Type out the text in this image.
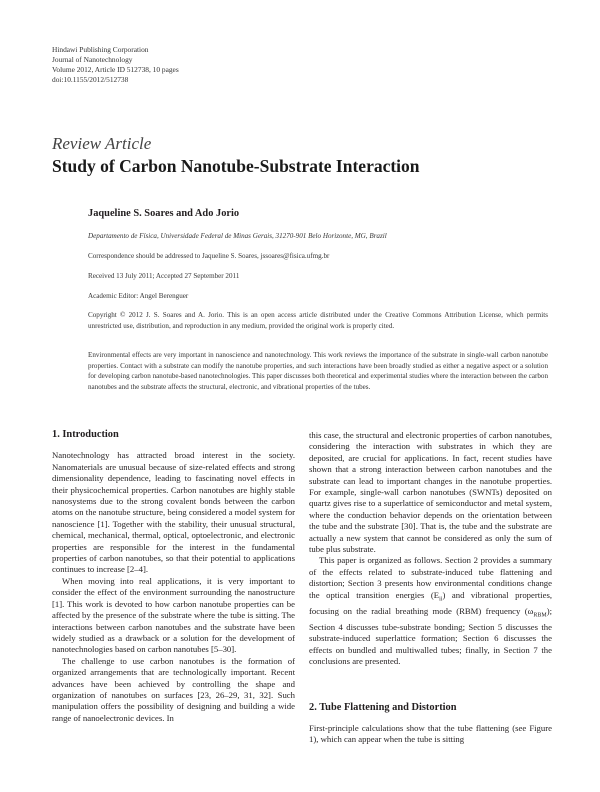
Hindawi Publishing Corporation
Journal of Nanotechnology
Volume 2012, Article ID 512738, 10 pages
doi:10.1155/2012/512738
Review Article
Study of Carbon Nanotube-Substrate Interaction
Jaqueline S. Soares and Ado Jorio
Departamento de Física, Universidade Federal de Minas Gerais, 31270-901 Belo Horizonte, MG, Brazil
Correspondence should be addressed to Jaqueline S. Soares, jssoares@fisica.ufmg.br
Received 13 July 2011; Accepted 27 September 2011
Academic Editor: Angel Berenguer
Copyright © 2012 J. S. Soares and A. Jorio. This is an open access article distributed under the Creative Commons Attribution License, which permits unrestricted use, distribution, and reproduction in any medium, provided the original work is properly cited.
Environmental effects are very important in nanoscience and nanotechnology. This work reviews the importance of the substrate in single-wall carbon nanotube properties. Contact with a substrate can modify the nanotube properties, and such interactions have been broadly studied as either a negative aspect or a solution for developing carbon nanotube-based nanotechnologies. This paper discusses both theoretical and experimental studies where the interaction between the carbon nanotubes and the substrate affects the structural, electronic, and vibrational properties of the tubes.
1. Introduction

Nanotechnology has attracted broad interest in the society. Nanomaterials are unusual because of size-related effects and strong dimensionality dependence, leading to fascinating novel effects in their physicochemical properties. Carbon nanotubes are highly stable nanosystems due to the strong covalent bonds between the carbon atoms on the nanotube structure, being considered a model system for nanoscience [1]. Together with the stability, their unusual structural, chemical, mechanical, thermal, optical, optoelectronic, and electronic properties are responsible for the interest in the fundamental properties of carbon nanotubes, so that their potential to applications continues to increase [2–4].

When moving into real applications, it is very important to consider the effect of the environment surrounding the nanostructure [1]. This work is devoted to how carbon nanotube properties can be affected by the presence of the substrate where the tube is sitting. The interactions between carbon nanotubes and the substrate have been widely studied as a drawback or a solution for the development of nanotechnologies based on carbon nanotubes [5–30].

The challenge to use carbon nanotubes is the formation of organized arrangements that are technologically important. Recent advances have been achieved by controlling the shape and organization of nanotubes on surfaces [23, 26–29, 31, 32]. Such manipulation offers the possibility of designing and building a wide range of nanoelectronic devices. In

this case, the structural and electronic properties of carbon nanotubes, considering the interaction with substrates in which they are deposited, are crucial for applications. In fact, recent studies have shown that a strong interaction between carbon nanotubes and the substrate can lead to important changes in the nanotube properties. For example, single-wall carbon nanotubes (SWNTs) deposited on quartz gives rise to a superlattice of semiconductor and metal system, where the conduction behavior depends on the orientation between the tube and the substrate [30]. That is, the tube and the substrate are actually a new system that cannot be considered as only the sum of tube plus substrate.

This paper is organized as follows. Section 2 provides a summary of the effects related to substrate-induced tube flattening and distortion; Section 3 presents how environmental conditions change the optical transition energies $(E_{ii})$ and vibrational properties, focusing on the radial breathing mode (RBM) frequency $(\omega_{RBM})$; Section 4 discusses tube-substrate bonding; Section 5 discusses the substrate-induced superlattice formation; Section 6 discusses the effects on bundled and multiwalled tubes; finally, in Section 7 the conclusions are presented.

2. Tube Flattening and Distortion

First-principle calculations show that the tube flattening (see Figure 1), which can appear when the tube is sitting
